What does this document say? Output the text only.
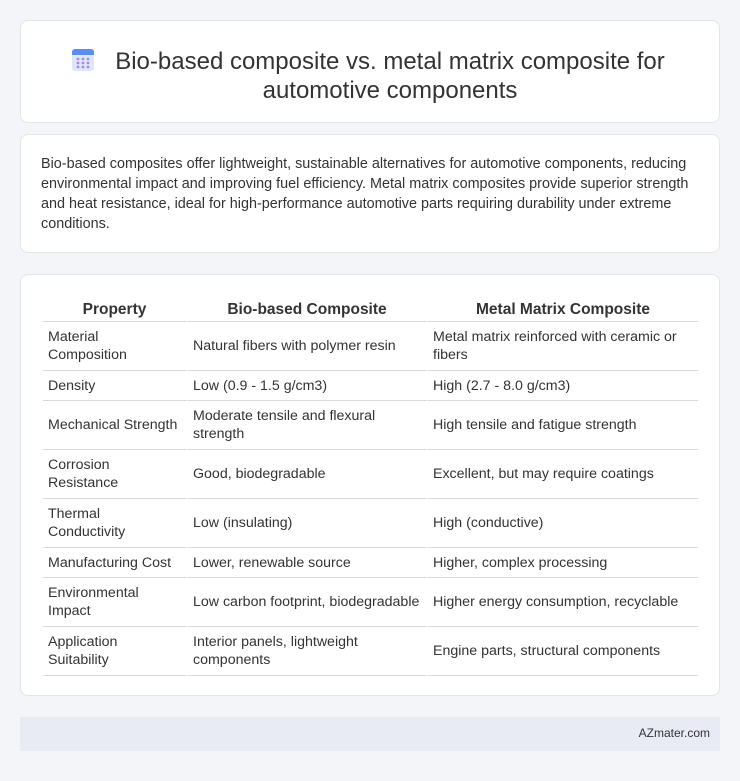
Bio-based composite vs. metal matrix composite for automotive components

Bio-based composites offer lightweight, sustainable alternatives for automotive components, reducing environmental impact and improving fuel efficiency. Metal matrix composites provide superior strength and heat resistance, ideal for high-performance automotive parts requiring durability under extreme conditions.

Property	Bio-based Composite	Metal Matrix Composite
Material Composition	Natural fibers with polymer resin	Metal matrix reinforced with ceramic or fibers
Density	Low (0.9 - 1.5 g/cm3)	High (2.7 - 8.0 g/cm3)
Mechanical Strength	Moderate tensile and flexural strength	High tensile and fatigue strength
Corrosion Resistance	Good, biodegradable	Excellent, but may require coatings
Thermal Conductivity	Low (insulating)	High (conductive)
Manufacturing Cost	Lower, renewable source	Higher, complex processing
Environmental Impact	Low carbon footprint, biodegradable	Higher energy consumption, recyclable
Application Suitability	Interior panels, lightweight components	Engine parts, structural components
AZmater.com
